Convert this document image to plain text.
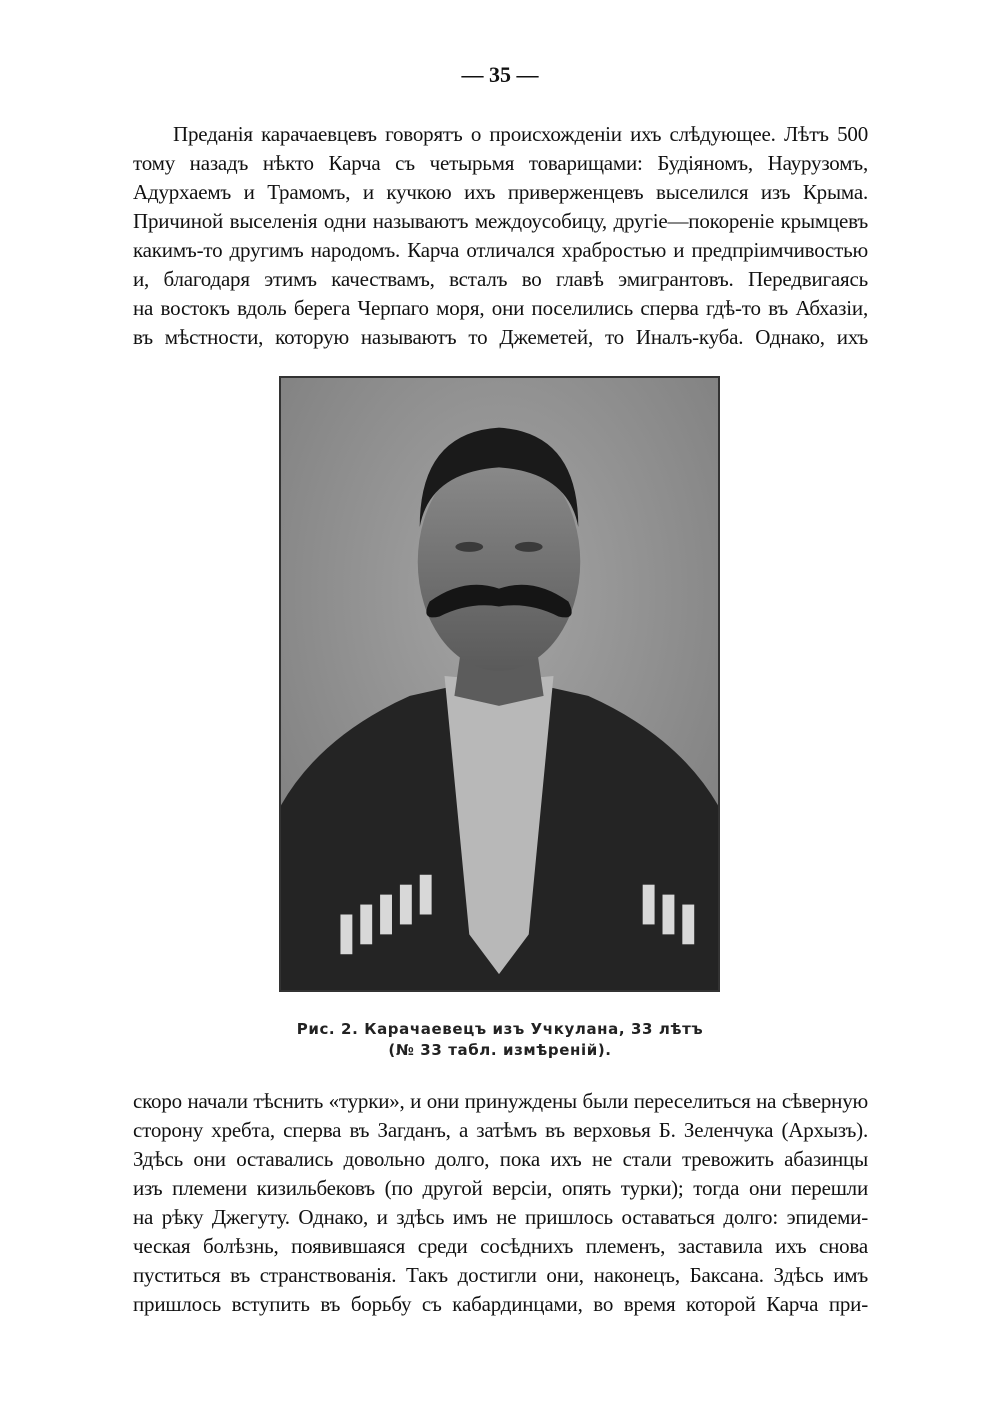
— 35 —
Преданія карачаевцевъ говорятъ о происхожденіи ихъ слѣдующее. Лѣтъ 500
тому назадъ нѣкто Карча съ четырьмя товарищами: Будіяномъ, Наурузомъ,
Адурхаемъ и Трамомъ, и кучкою ихъ приверженцевъ выселился изъ Крыма.
Причиной выселенія одни называютъ междоусобицу, другіе—покореніе крымцевъ
какимъ-то другимъ народомъ. Карча отличался храбростью и предпріимчивостью
и, благодаря этимъ качествамъ, всталъ во главѣ эмигрантовъ. Передвигаясь
на востокъ вдоль берега Черпаго моря, они поселились сперва гдѣ-то въ Абхазіи,
въ мѣстности, которую называютъ то Джеметей, то Иналъ-куба. Однако, ихъ
Рис. 2. Карачаевецъ изъ Учкулана, 33 лѣтъ
(№ 33 табл. измѣреній).
скоро начали тѣснить «турки», и они принуждены были переселиться на сѣверную
сторону хребта, сперва въ Загданъ, а затѣмъ въ верховья Б. Зеленчука (Архызъ).
Здѣсь они оставались довольно долго, пока ихъ не стали тревожить абазинцы
изъ племени кизильбековъ (по другой версіи, опять турки); тогда они перешли
на рѣку Джегуту. Однако, и здѣсь имъ не пришлось оставаться долго: эпидеми-
ческая болѣзнь, появившаяся среди сосѣднихъ племенъ, заставила ихъ снова
пуститься въ странствованія. Такъ достигли они, наконецъ, Баксана. Здѣсь имъ
пришлось вступить въ борьбу съ кабардинцами, во время которой Карча при-
